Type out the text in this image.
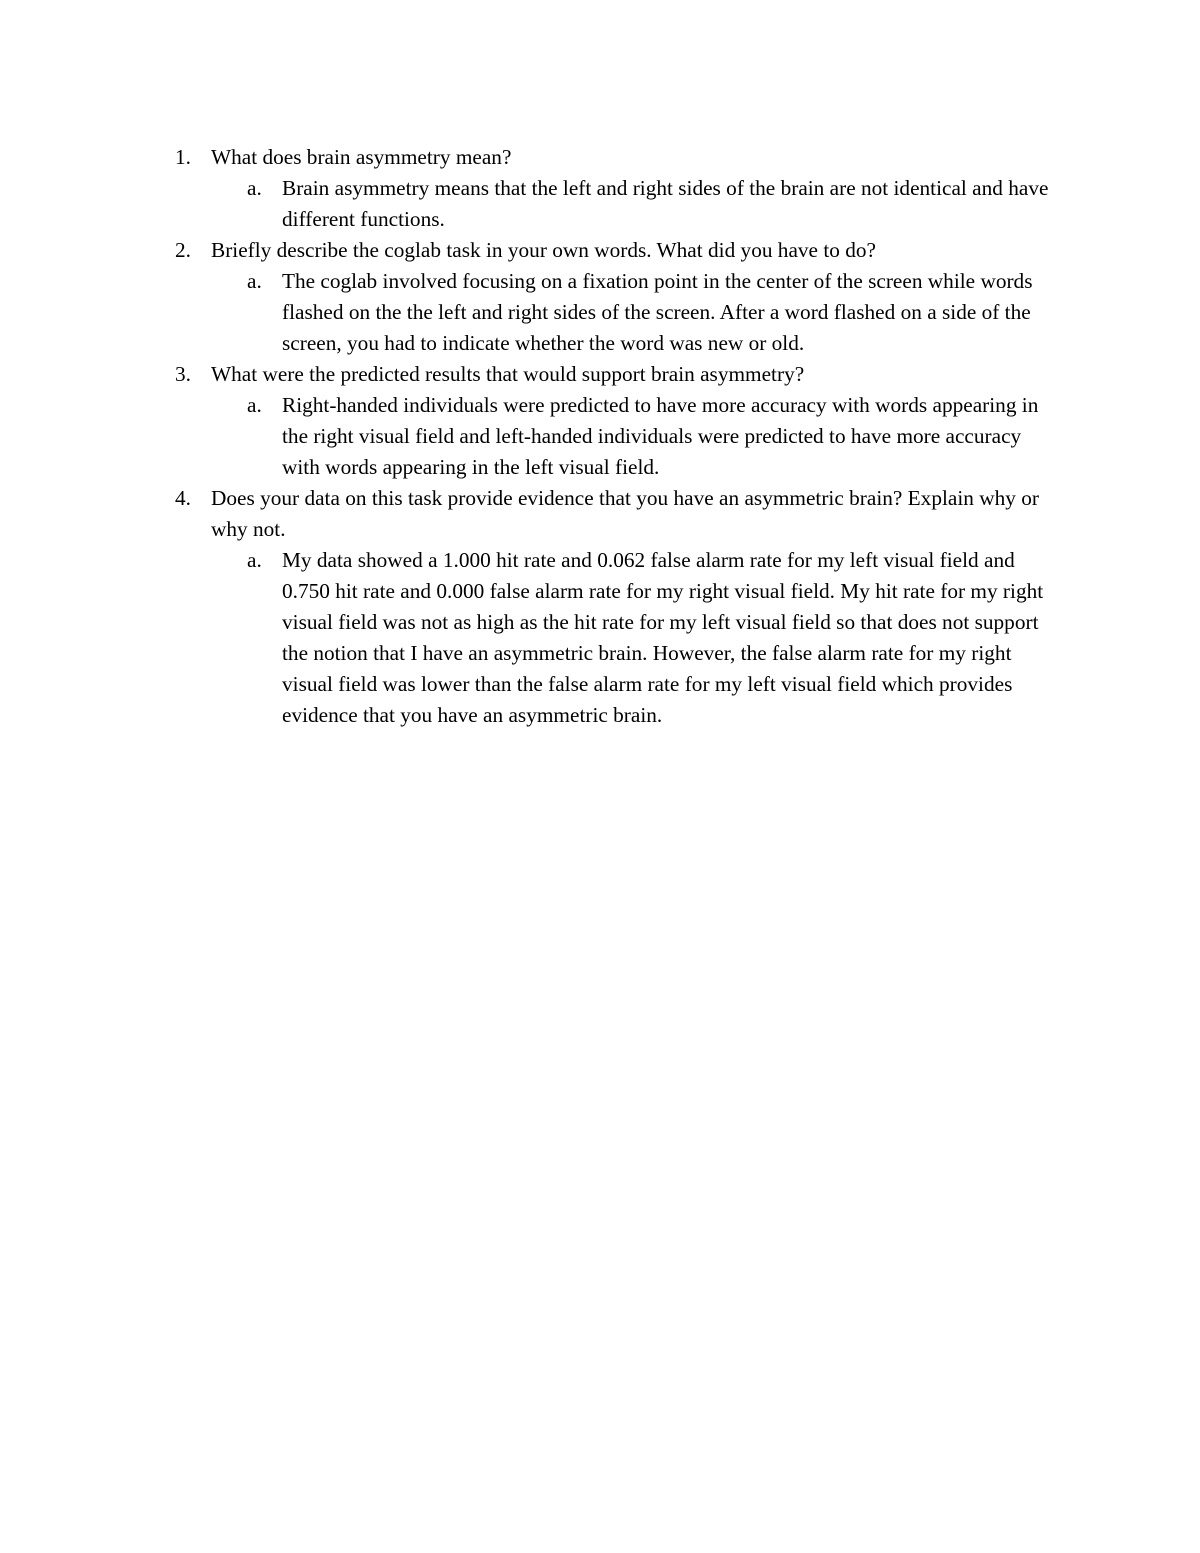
1. What does brain asymmetry mean?
a. Brain asymmetry means that the left and right sides of the brain are not identical and have different functions.
2. Briefly describe the coglab task in your own words. What did you have to do?
a. The coglab involved focusing on a fixation point in the center of the screen while words flashed on the the left and right sides of the screen. After a word flashed on a side of the screen, you had to indicate whether the word was new or old.
3. What were the predicted results that would support brain asymmetry?
a. Right-handed individuals were predicted to have more accuracy with words appearing in the right visual field and left-handed individuals were predicted to have more accuracy with words appearing in the left visual field.
4. Does your data on this task provide evidence that you have an asymmetric brain? Explain why or why not.
a. My data showed a 1.000 hit rate and 0.062 false alarm rate for my left visual field and 0.750 hit rate and 0.000 false alarm rate for my right visual field. My hit rate for my right visual field was not as high as the hit rate for my left visual field so that does not support the notion that I have an asymmetric brain. However, the false alarm rate for my right visual field was lower than the false alarm rate for my left visual field which provides evidence that you have an asymmetric brain.
